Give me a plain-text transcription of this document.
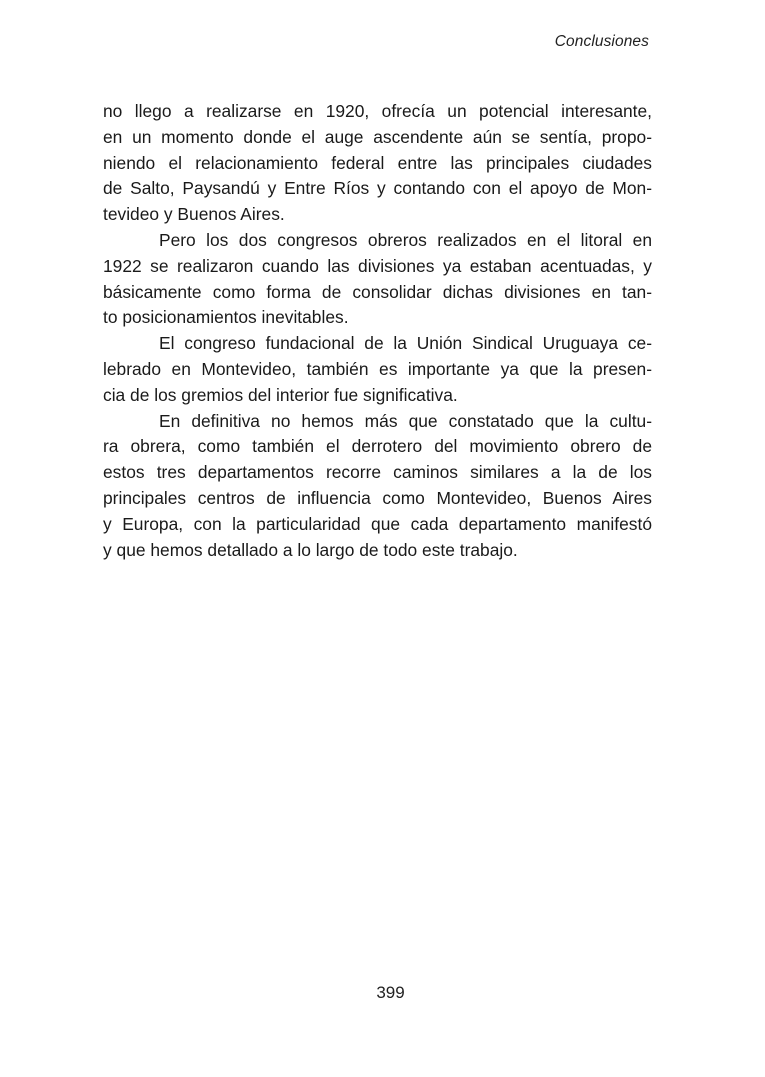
Conclusiones
no llego a realizarse en 1920, ofrecía un potencial interesante,
en un momento donde el auge ascendente aún se sentía, propo-
niendo el relacionamiento federal entre las principales ciudades
de Salto, Paysandú y Entre Ríos y contando con el apoyo de Mon-
tevideo y Buenos Aires.
Pero los dos congresos obreros realizados en el litoral en
1922 se realizaron cuando las divisiones ya estaban acentuadas, y
básicamente como forma de consolidar dichas divisiones en tan-
to posicionamientos inevitables.
El congreso fundacional de la Unión Sindical Uruguaya ce-
lebrado en Montevideo, también es importante ya que la presen-
cia de los gremios del interior fue significativa.
En definitiva no hemos más que constatado que la cultu-
ra obrera, como también el derrotero del movimiento obrero de
estos tres departamentos recorre caminos similares a la de los
principales centros de influencia como Montevideo, Buenos Aires
y Europa, con la particularidad que cada departamento manifestó
y que hemos detallado a lo largo de todo este trabajo.
399
